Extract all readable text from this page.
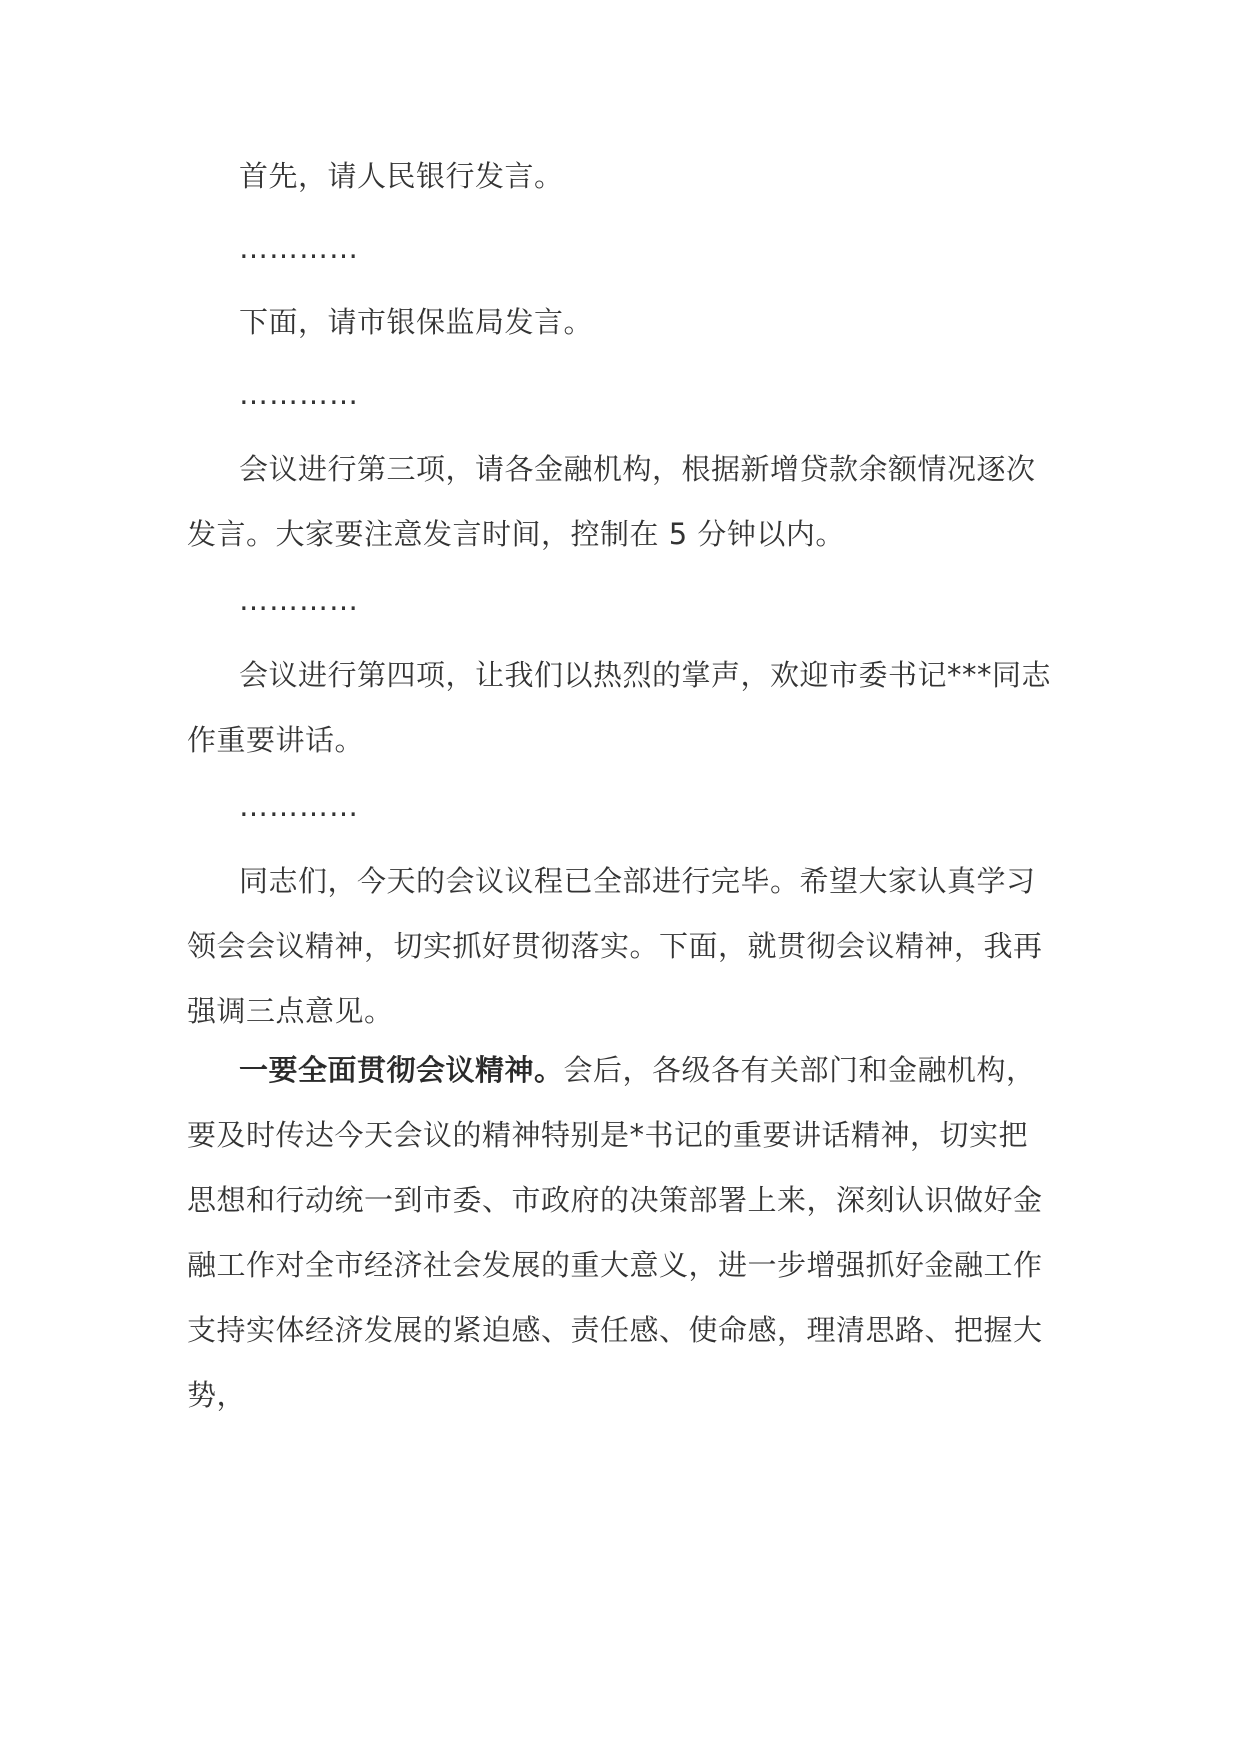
首先，请人民银行发言。

…………

下面，请市银保监局发言。

…………

会议进行第三项，请各金融机构，根据新增贷款余额情况逐次发言。大家要注意发言时间，控制在 5 分钟以内。

…………

会议进行第四项，让我们以热烈的掌声，欢迎市委书记***同志作重要讲话。

…………

同志们，今天的会议议程已全部进行完毕。希望大家认真学习领会会议精神，切实抓好贯彻落实。下面，就贯彻会议精神，我再强调三点意见。

一要全面贯彻会议精神。会后，各级各有关部门和金融机构，要及时传达今天会议的精神特别是*书记的重要讲话精神，切实把思想和行动统一到市委、市政府的决策部署上来，深刻认识做好金融工作对全市经济社会发展的重大意义，进一步增强抓好金融工作支持实体经济发展的紧迫感、责任感、使命感，理清思路、把握大势，
